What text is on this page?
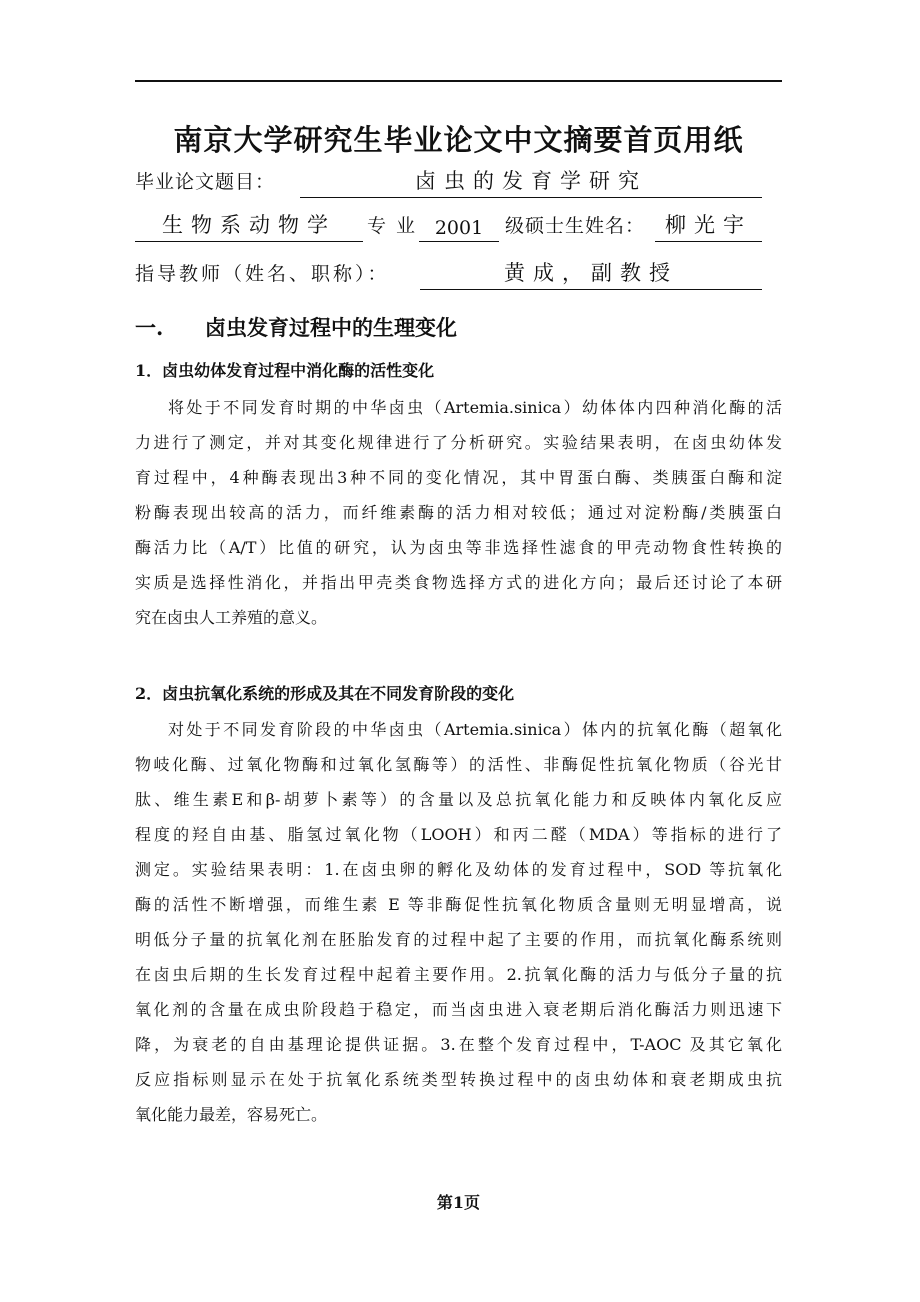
南京大学研究生毕业论文中文摘要首页用纸
毕业论文题目：	卤虫的发育学研究
生物系动物学	专业 2001	级硕士生姓名： 柳光宇
指导教师（姓名、职称）：	黄成，副教授
一. 卤虫发育过程中的生理变化
1．卤虫幼体发育过程中消化酶的活性变化
将处于不同发育时期的中华卤虫（Artemia.sinica）幼体体内四种消化酶的活
力进行了测定，并对其变化规律进行了分析研究。实验结果表明，在卤虫幼体发
育过程中，4种酶表现出3种不同的变化情况，其中胃蛋白酶、类胰蛋白酶和淀
粉酶表现出较高的活力，而纤维素酶的活力相对较低；通过对淀粉酶/类胰蛋白
酶活力比（A/T）比值的研究，认为卤虫等非选择性滤食的甲壳动物食性转换的
实质是选择性消化，并指出甲壳类食物选择方式的进化方向；最后还讨论了本研
究在卤虫人工养殖的意义。
2．卤虫抗氧化系统的形成及其在不同发育阶段的变化
对处于不同发育阶段的中华卤虫（Artemia.sinica）体内的抗氧化酶（超氧化
物岐化酶、过氧化物酶和过氧化氢酶等）的活性、非酶促性抗氧化物质（谷光甘
肽、维生素E和β-胡萝卜素等）的含量以及总抗氧化能力和反映体内氧化反应
程度的羟自由基、脂氢过氧化物（LOOH）和丙二醛（MDA）等指标的进行了
测定。实验结果表明：1.在卤虫卵的孵化及幼体的发育过程中，SOD 等抗氧化
酶的活性不断增强，而维生素 E 等非酶促性抗氧化物质含量则无明显增高，说
明低分子量的抗氧化剂在胚胎发育的过程中起了主要的作用，而抗氧化酶系统则
在卤虫后期的生长发育过程中起着主要作用。2.抗氧化酶的活力与低分子量的抗
氧化剂的含量在成虫阶段趋于稳定，而当卤虫进入衰老期后消化酶活力则迅速下
降，为衰老的自由基理论提供证据。3.在整个发育过程中，T-AOC 及其它氧化
反应指标则显示在处于抗氧化系统类型转换过程中的卤虫幼体和衰老期成虫抗
氧化能力最差，容易死亡。
第1页
